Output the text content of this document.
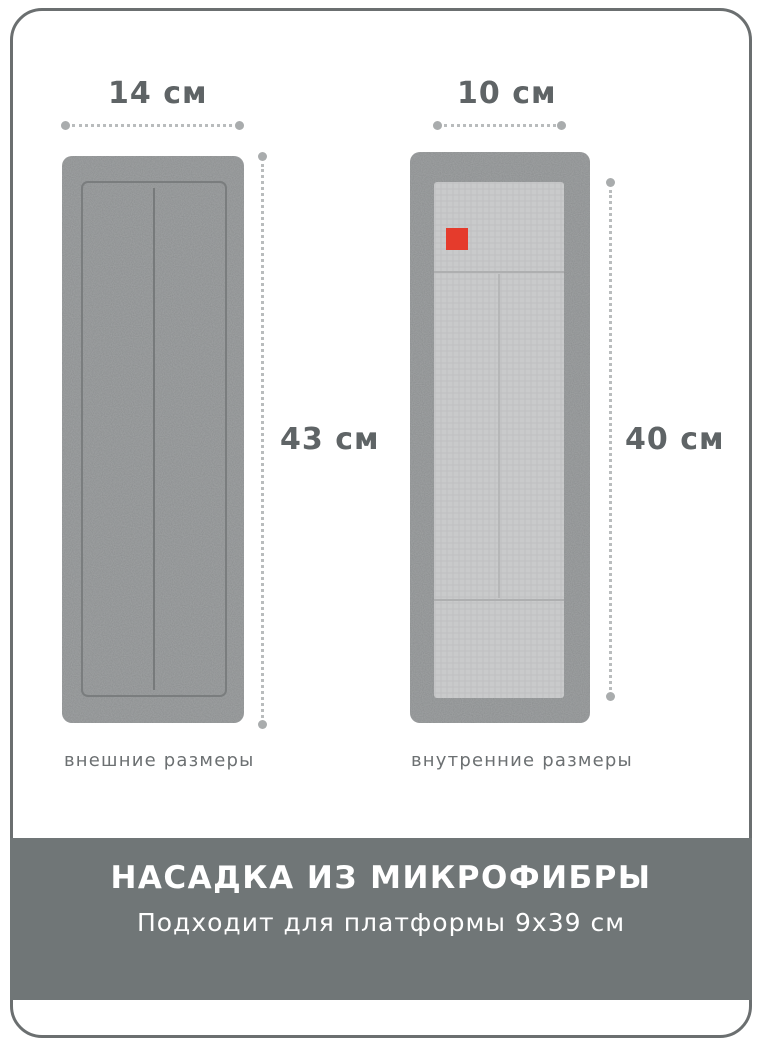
14 см
43 см
внешние размеры
10 см
40 см
внутренние размеры
НАСАДКА ИЗ МИКРОФИБРЫ
Подходит для платформы 9x39 см
